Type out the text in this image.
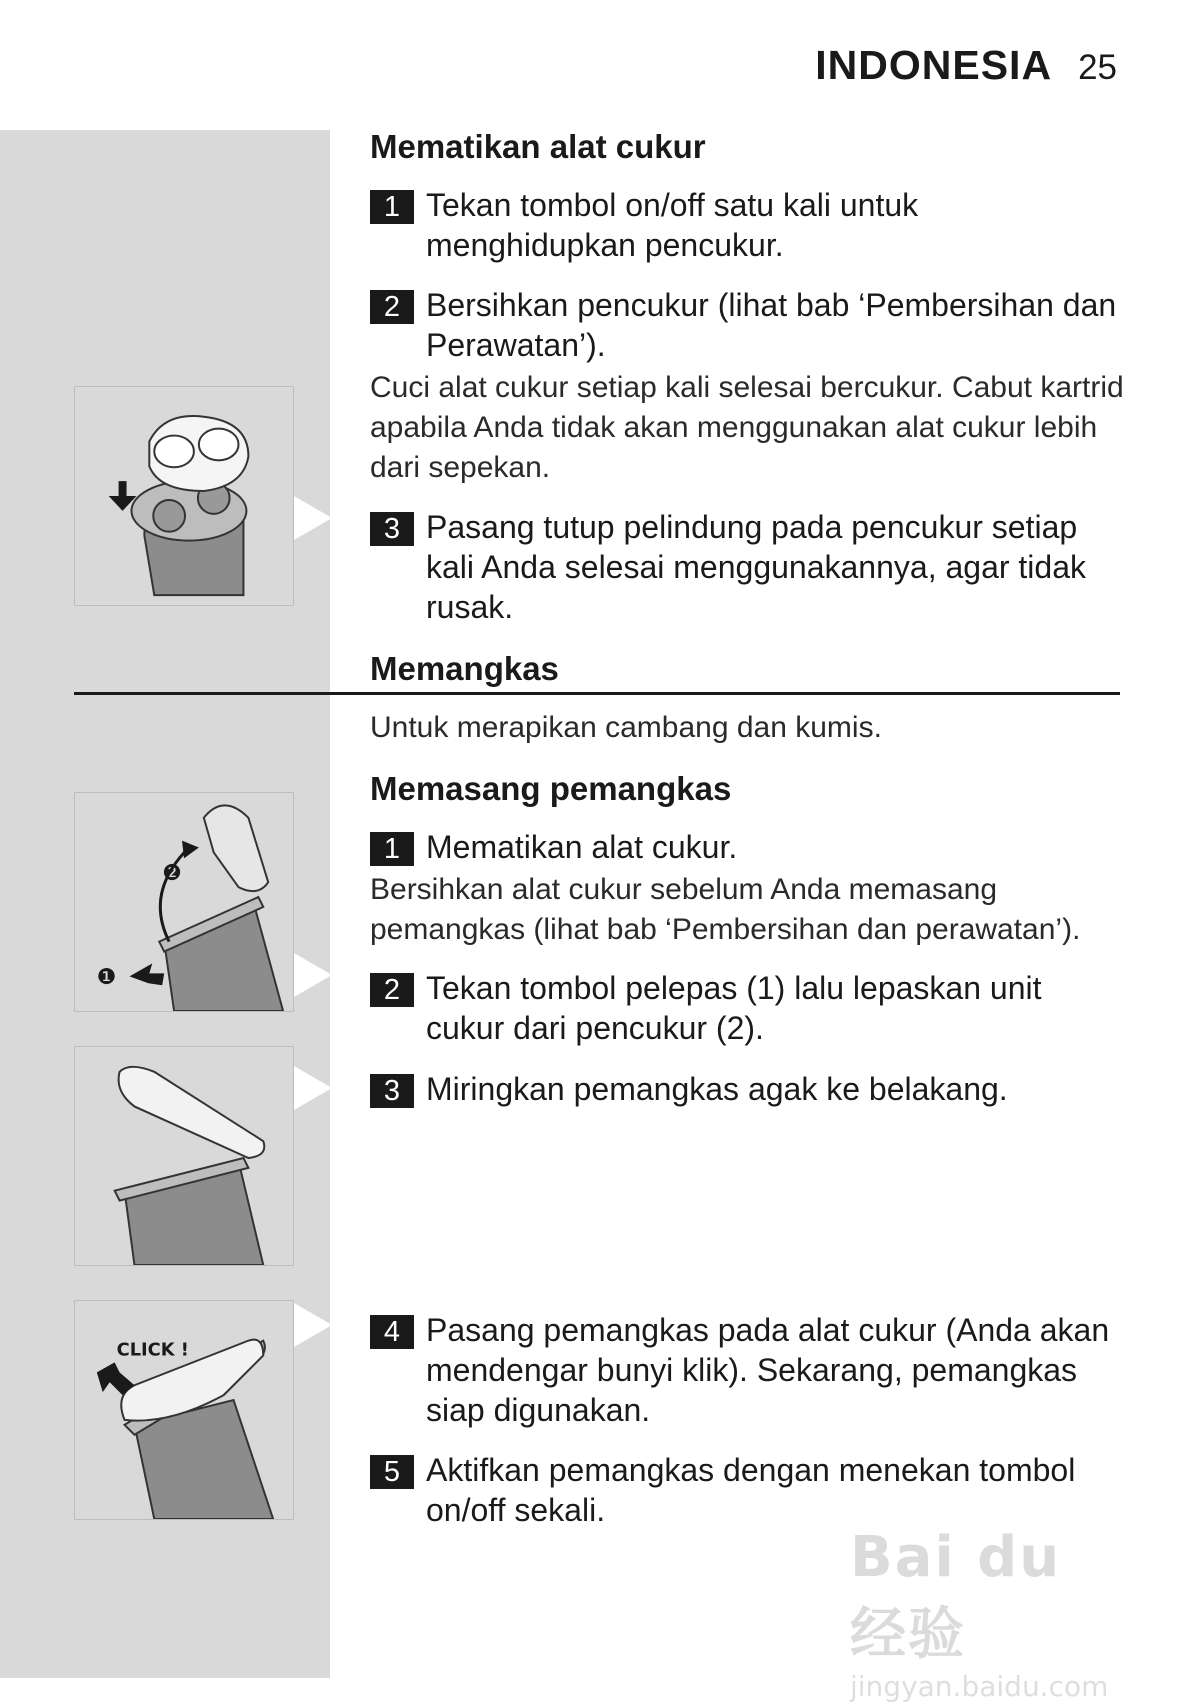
INDONESIA 25
Mematikan alat cukur
1 Tekan tombol on/off satu kali untuk menghidupkan pencukur.
2 Bersihkan pencukur (lihat bab ‘Pembersihan dan Perawatan’).
Cuci alat cukur setiap kali selesai bercukur. Cabut kartrid apabila Anda tidak akan menggunakan alat cukur lebih dari sepekan.
3 Pasang tutup pelindung pada pencukur setiap kali Anda selesai menggunakannya, agar tidak rusak.
Memangkas
Untuk merapikan cambang dan kumis.
Memasang pemangkas
1 Mematikan alat cukur.
Bersihkan alat cukur sebelum Anda memasang pemangkas (lihat bab ‘Pembersihan dan perawatan’).
2 Tekan tombol pelepas (1) lalu lepaskan unit cukur dari pencukur (2).
3 Miringkan pemangkas agak ke belakang.
4 Pasang pemangkas pada alat cukur (Anda akan mendengar bunyi klik). Sekarang, pemangkas siap digunakan.
5 Aktifkan pemangkas dengan menekan tombol on/off sekali.
❶
❷
CLICK !
Bai du 经验
jingyan.baidu.com
